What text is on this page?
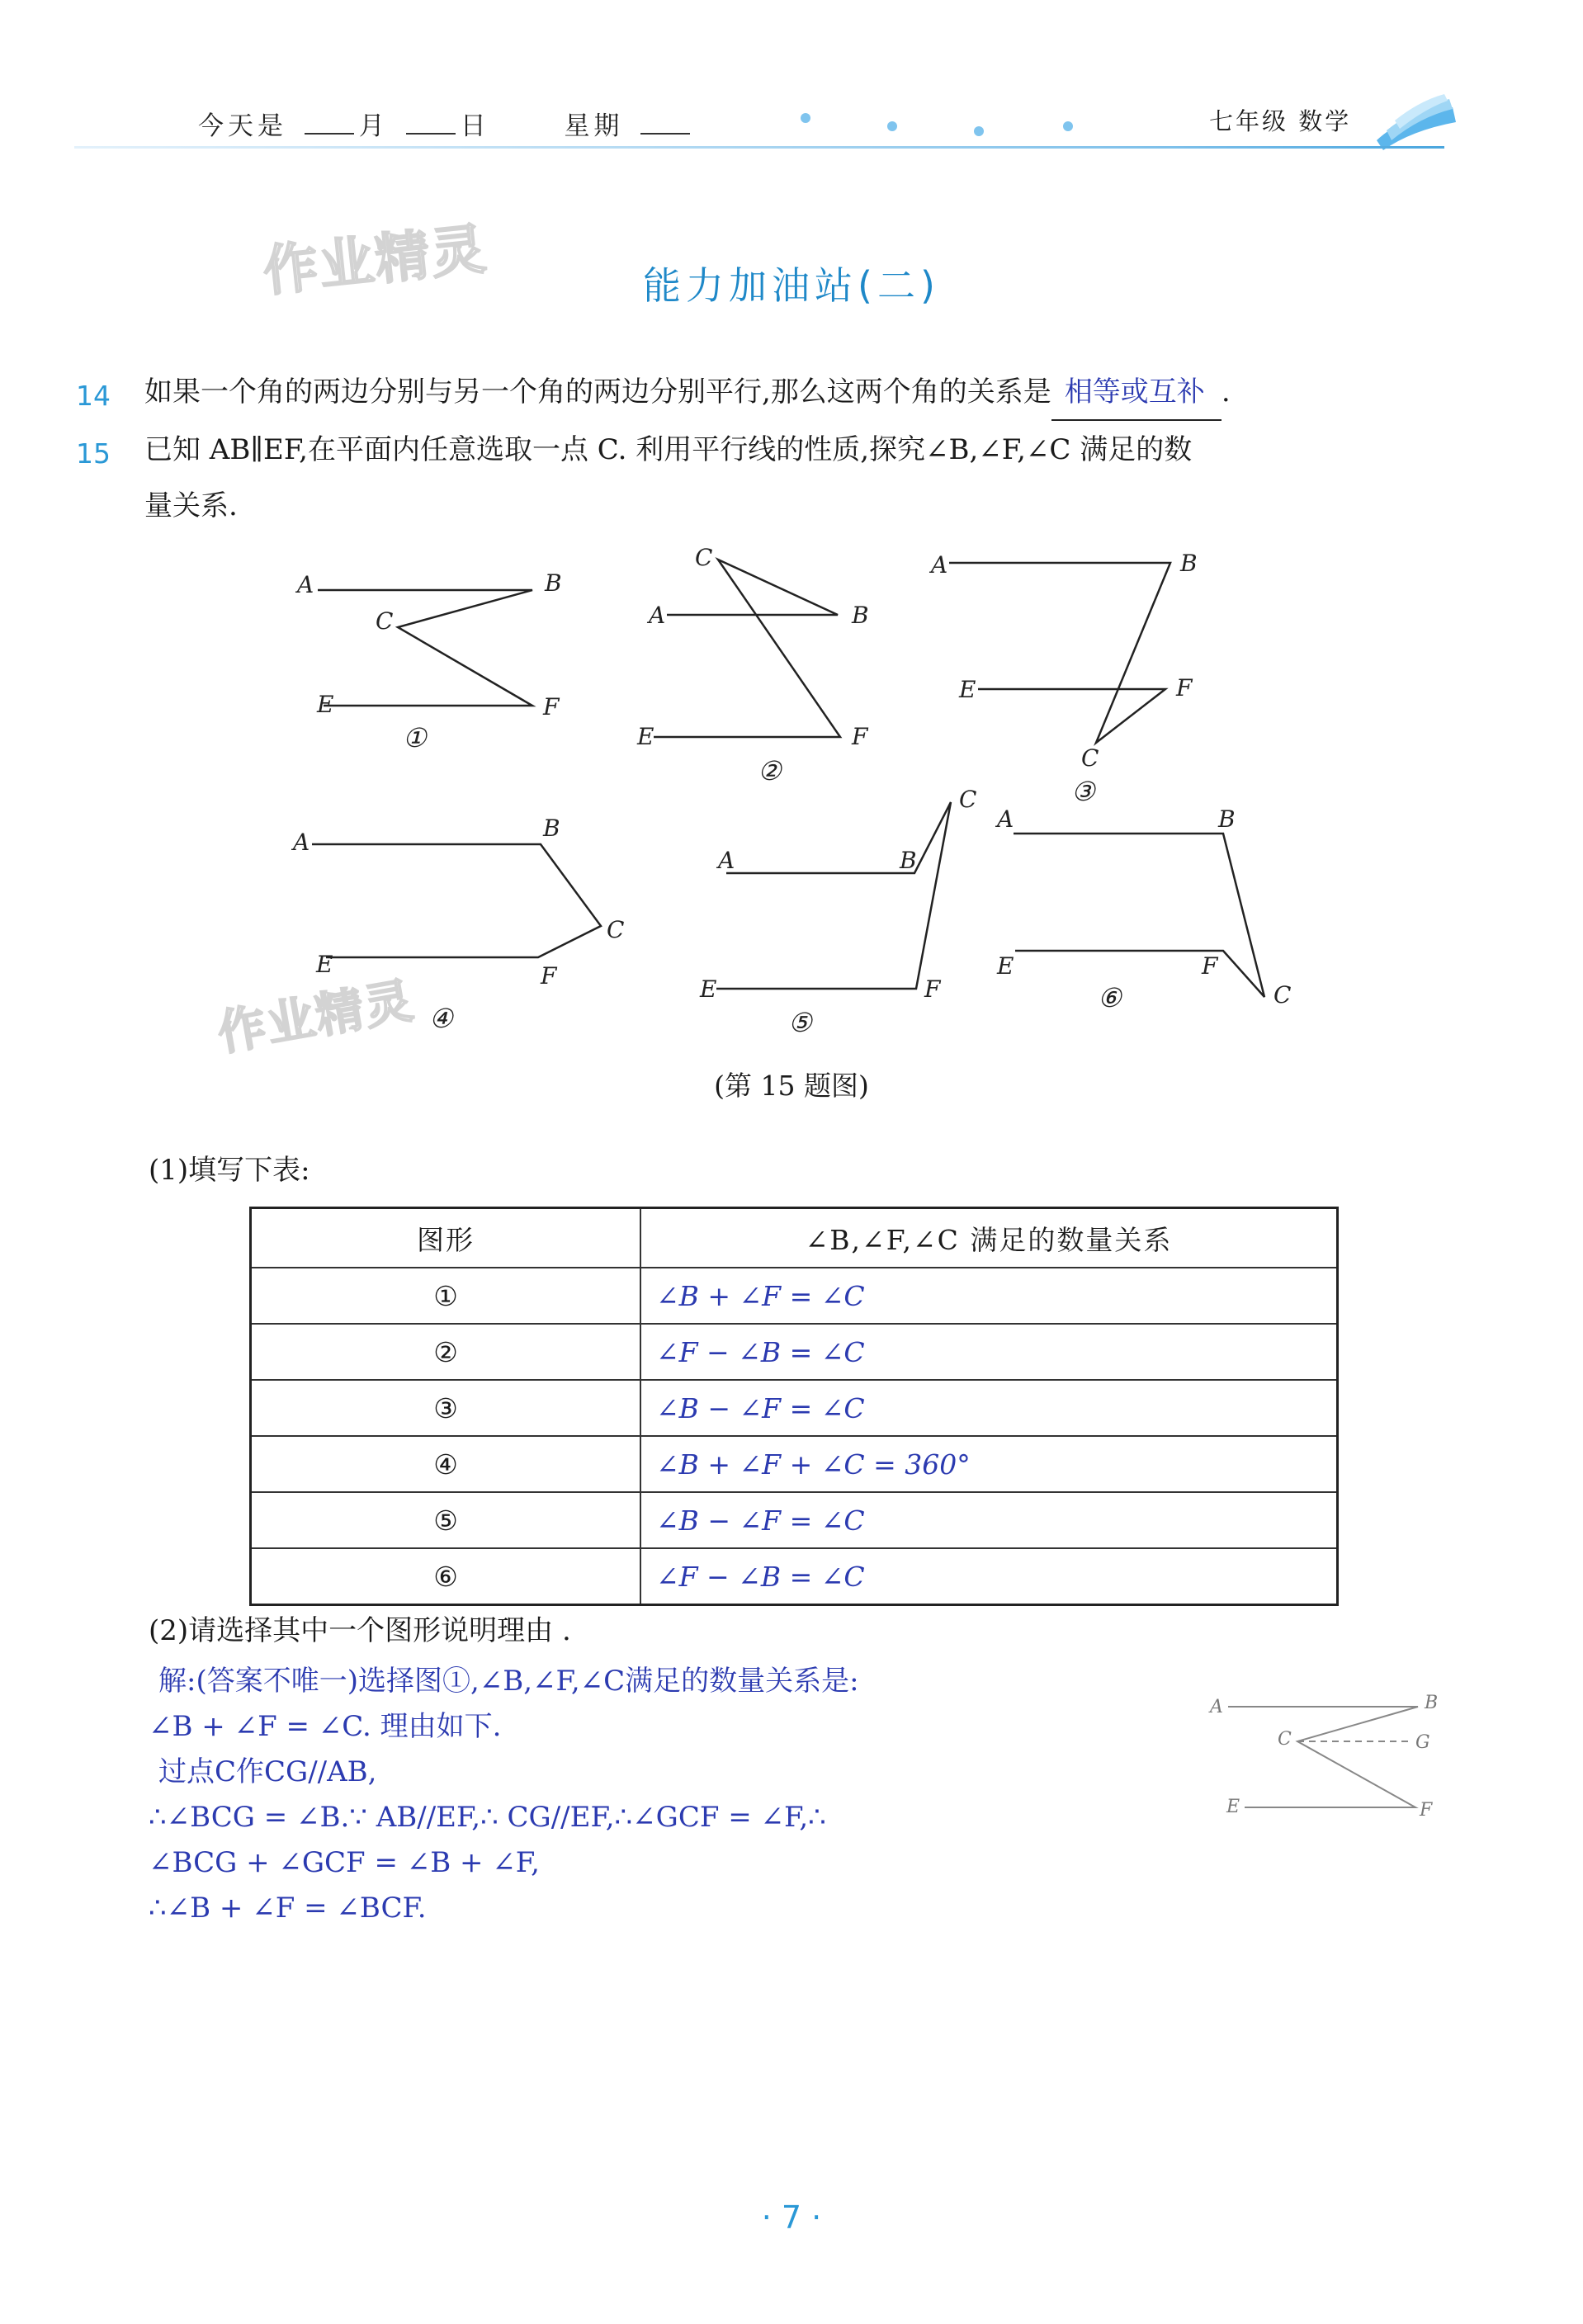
今天是	月	日	星期	七年级 数学
作业精灵
作业精灵
能力加油站(二)
14 如果一个角的两边分别与另一个角的两边分别平行,那么这两个角的关系是 相等或互补 .
15 已知 AB∥EF,在平面内任意选取一点 C. 利用平行线的性质,探究∠B,∠F,∠C 满足的数
量关系.
A	B
C
E	F
①
C
A	B
E	F
②
A	B
E	F
C
③
A
B
C
E	F
④
A	B
C
E	F
⑤
A	B
E	F
C
⑥
A	B
C	G
E	F
(第 15 题图)
(1)填写下表:
图形	∠B,∠F,∠C 满足的数量关系
①	∠B + ∠F = ∠C
②	∠F − ∠B = ∠C
③	∠B − ∠F = ∠C
④	∠B + ∠F + ∠C = 360°
⑤	∠B − ∠F = ∠C
⑥	∠F − ∠B = ∠C
(2)请选择其中一个图形说明理由 .
解:(答案不唯一)选择图①,∠B,∠F,∠C满足的数量关系是:
∠B + ∠F = ∠C. 理由如下.
过点C作CG//AB,
∴∠BCG = ∠B.∵ AB//EF,∴ CG//EF,∴∠GCF = ∠F,∴
∠BCG + ∠GCF = ∠B + ∠F,
∴∠B + ∠F = ∠BCF.
· 7 ·
